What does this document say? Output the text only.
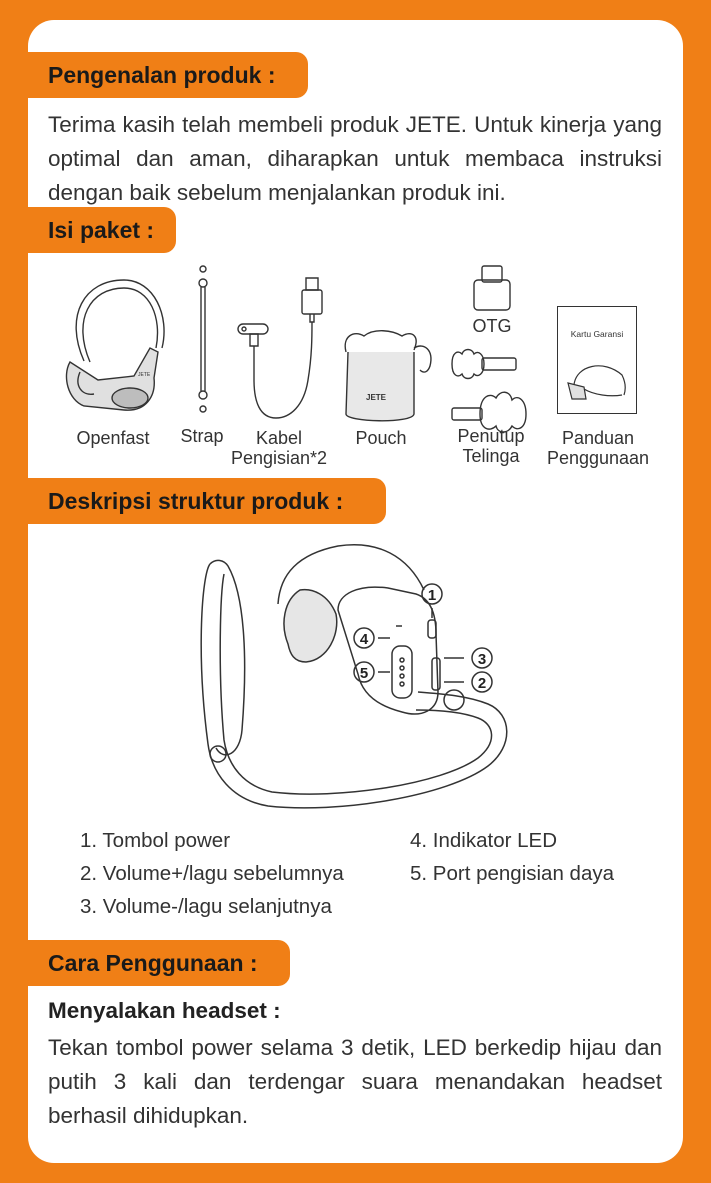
Pengenalan produk :

Terima kasih telah membeli produk JETE. Untuk kinerja yang optimal dan aman, diharapkan untuk membaca instruksi dengan baik sebelum menjalankan produk ini.

Isi paket :
JETE
Openfast	Strap	Kabel
Pengisian*2
JETE
Pouch
OTG
Penutup
Telinga
Kartu Garansi
Panduan
Penggunaan
Deskripsi struktur produk :
1
4
5
3
2
1. Tombol power
2. Volume+/lagu sebelumnya
3. Volume-/lagu selanjutnya
4. Indikator LED
5. Port pengisian daya
Cara Penggunaan :
Menyalakan headset :

Tekan tombol power selama 3 detik, LED berkedip hijau dan putih 3 kali dan terdengar suara menandakan headset berhasil dihidupkan.
